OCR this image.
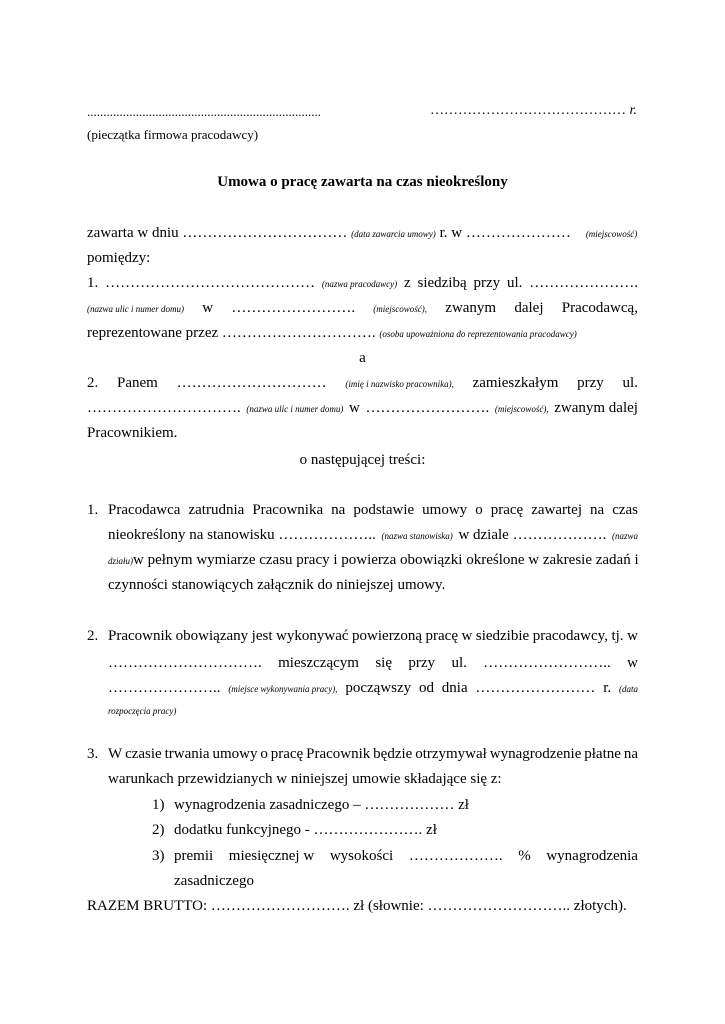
........................................................................
(pieczątka firmowa pracodawcy)
…………………………………… r.
Umowa o pracę zawarta na czas nieokreślony
zawarta w dniu …………………………… (data zawarcia umowy) r. w ………………… (miejscowość)
pomiędzy:
1. …………………………………… (nazwa pracodawcy) z siedzibą przy ul. ………………….
(nazwa ulic i numer domu) w ……………………. (miejscowość), zwanym dalej Pracodawcą,
reprezentowane przez …………………………. (osoba upoważniona do reprezentowania pracodawcy)
a
2. Panem ………………………… (imię i nazwisko pracownika), zamieszkałym przy ul.
…………………………. (nazwa ulic i numer domu) w ……………………. (miejscowość), zwanym dalej
Pracownikiem.
o następującej treści:
1. Pracodawca zatrudnia Pracownika na podstawie umowy o pracę zawartej na czas
nieokreślony na stanowisku ……………….. (nazwa stanowiska) w dziale ………………. (nazwa
działu) w pełnym wymiarze czasu pracy i powierza obowiązki określone w zakresie zadań i
czynności stanowiących załącznik do niniejszej umowy.
2. Pracownik obowiązany jest wykonywać powierzoną pracę w siedzibie pracodawcy, tj. w
…………………………. mieszczącym się przy ul. …………………….. w
………………….. (miejsce wykonywania pracy), począwszy od dnia …………………… r. (data
rozpoczęcia pracy)
3. W czasie trwania umowy o pracę Pracownik będzie otrzymywał wynagrodzenie płatne na
warunkach przewidzianych w niniejszej umowie składające się z:
1) wynagrodzenia zasadniczego – ……………… zł
2) dodatku funkcyjnego - …………………. zł
3) premii miesięcznej w wysokości ………………. % wynagrodzenia
zasadniczego
RAZEM BRUTTO: ………………………. zł (słownie: ……………………….. złotych).
